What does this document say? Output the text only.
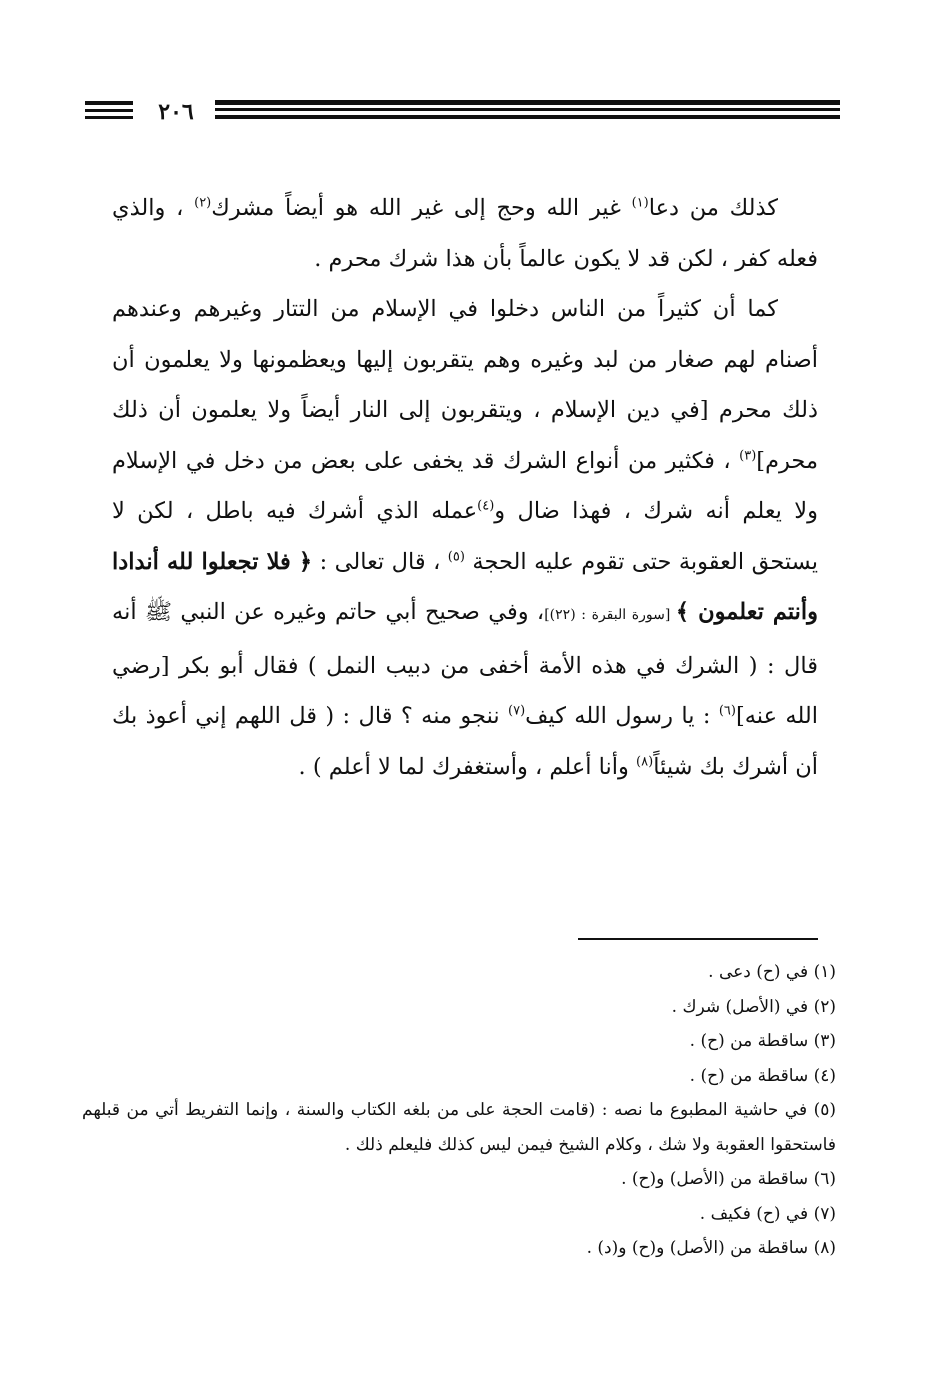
٢٠٦

كذلك من دعا$^{(١)}$ غير الله وحج إلى غير الله هو أيضاً مشرك$^{(٢)}$ ، والذي فعله كفر ، لكن قد لا يكون عالماً بأن هذا شرك محرم .

كما أن كثيراً من الناس دخلوا في الإسلام من التتار وغيرهم وعندهم أصنام لهم صغار من لبد وغيره وهم يتقربون إليها ويعظمونها ولا يعلمون أن ذلك محرم [في دين الإسلام ، ويتقربون إلى النار أيضاً ولا يعلمون أن ذلك محرم]$^{(٣)}$ ، فكثير من أنواع الشرك قد يخفى على بعض من دخل في الإسلام ولا يعلم أنه شرك ، فهذا ضال و$^{(٤)}$عمله الذي أشرك فيه باطل ، لكن لا يستحق العقوبة حتى تقوم عليه الحجة $^{(٥)}$ ، قال تعالى : ﴿ فلا تجعلوا لله أندادا وأنتم تعلمون ﴾ [سورة البقرة : (٢٢)]، وفي صحيح أبي حاتم وغيره عن النبي ﷺ أنه قال : ( الشرك في هذه الأمة أخفى من دبيب النمل ) فقال أبو بكر [رضي الله عنه]$^{(٦)}$ : يا رسول الله كيف$^{(٧)}$ ننجو منه ؟ قال : ( قل اللهم إني أعوذ بك أن أشرك بك شيئاً$^{(٨)}$ وأنا أعلم ، وأستغفرك لما لا أعلم ) .

(١) في (ح) دعى .

(٢) في (الأصل) شرك .

(٣) ساقطة من (ح) .

(٤) ساقطة من (ح) .

(٥) في حاشية المطبوع ما نصه : (قامت الحجة على من بلغه الكتاب والسنة ، وإنما التفريط أتي من قبلهم فاستحقوا العقوبة ولا شك ، وكلام الشيخ فيمن ليس كذلك فليعلم ذلك .

(٦) ساقطة من (الأصل) و(ح) .

(٧) في (ح) فكيف .

(٨) ساقطة من (الأصل) و(ح) و(د) .
